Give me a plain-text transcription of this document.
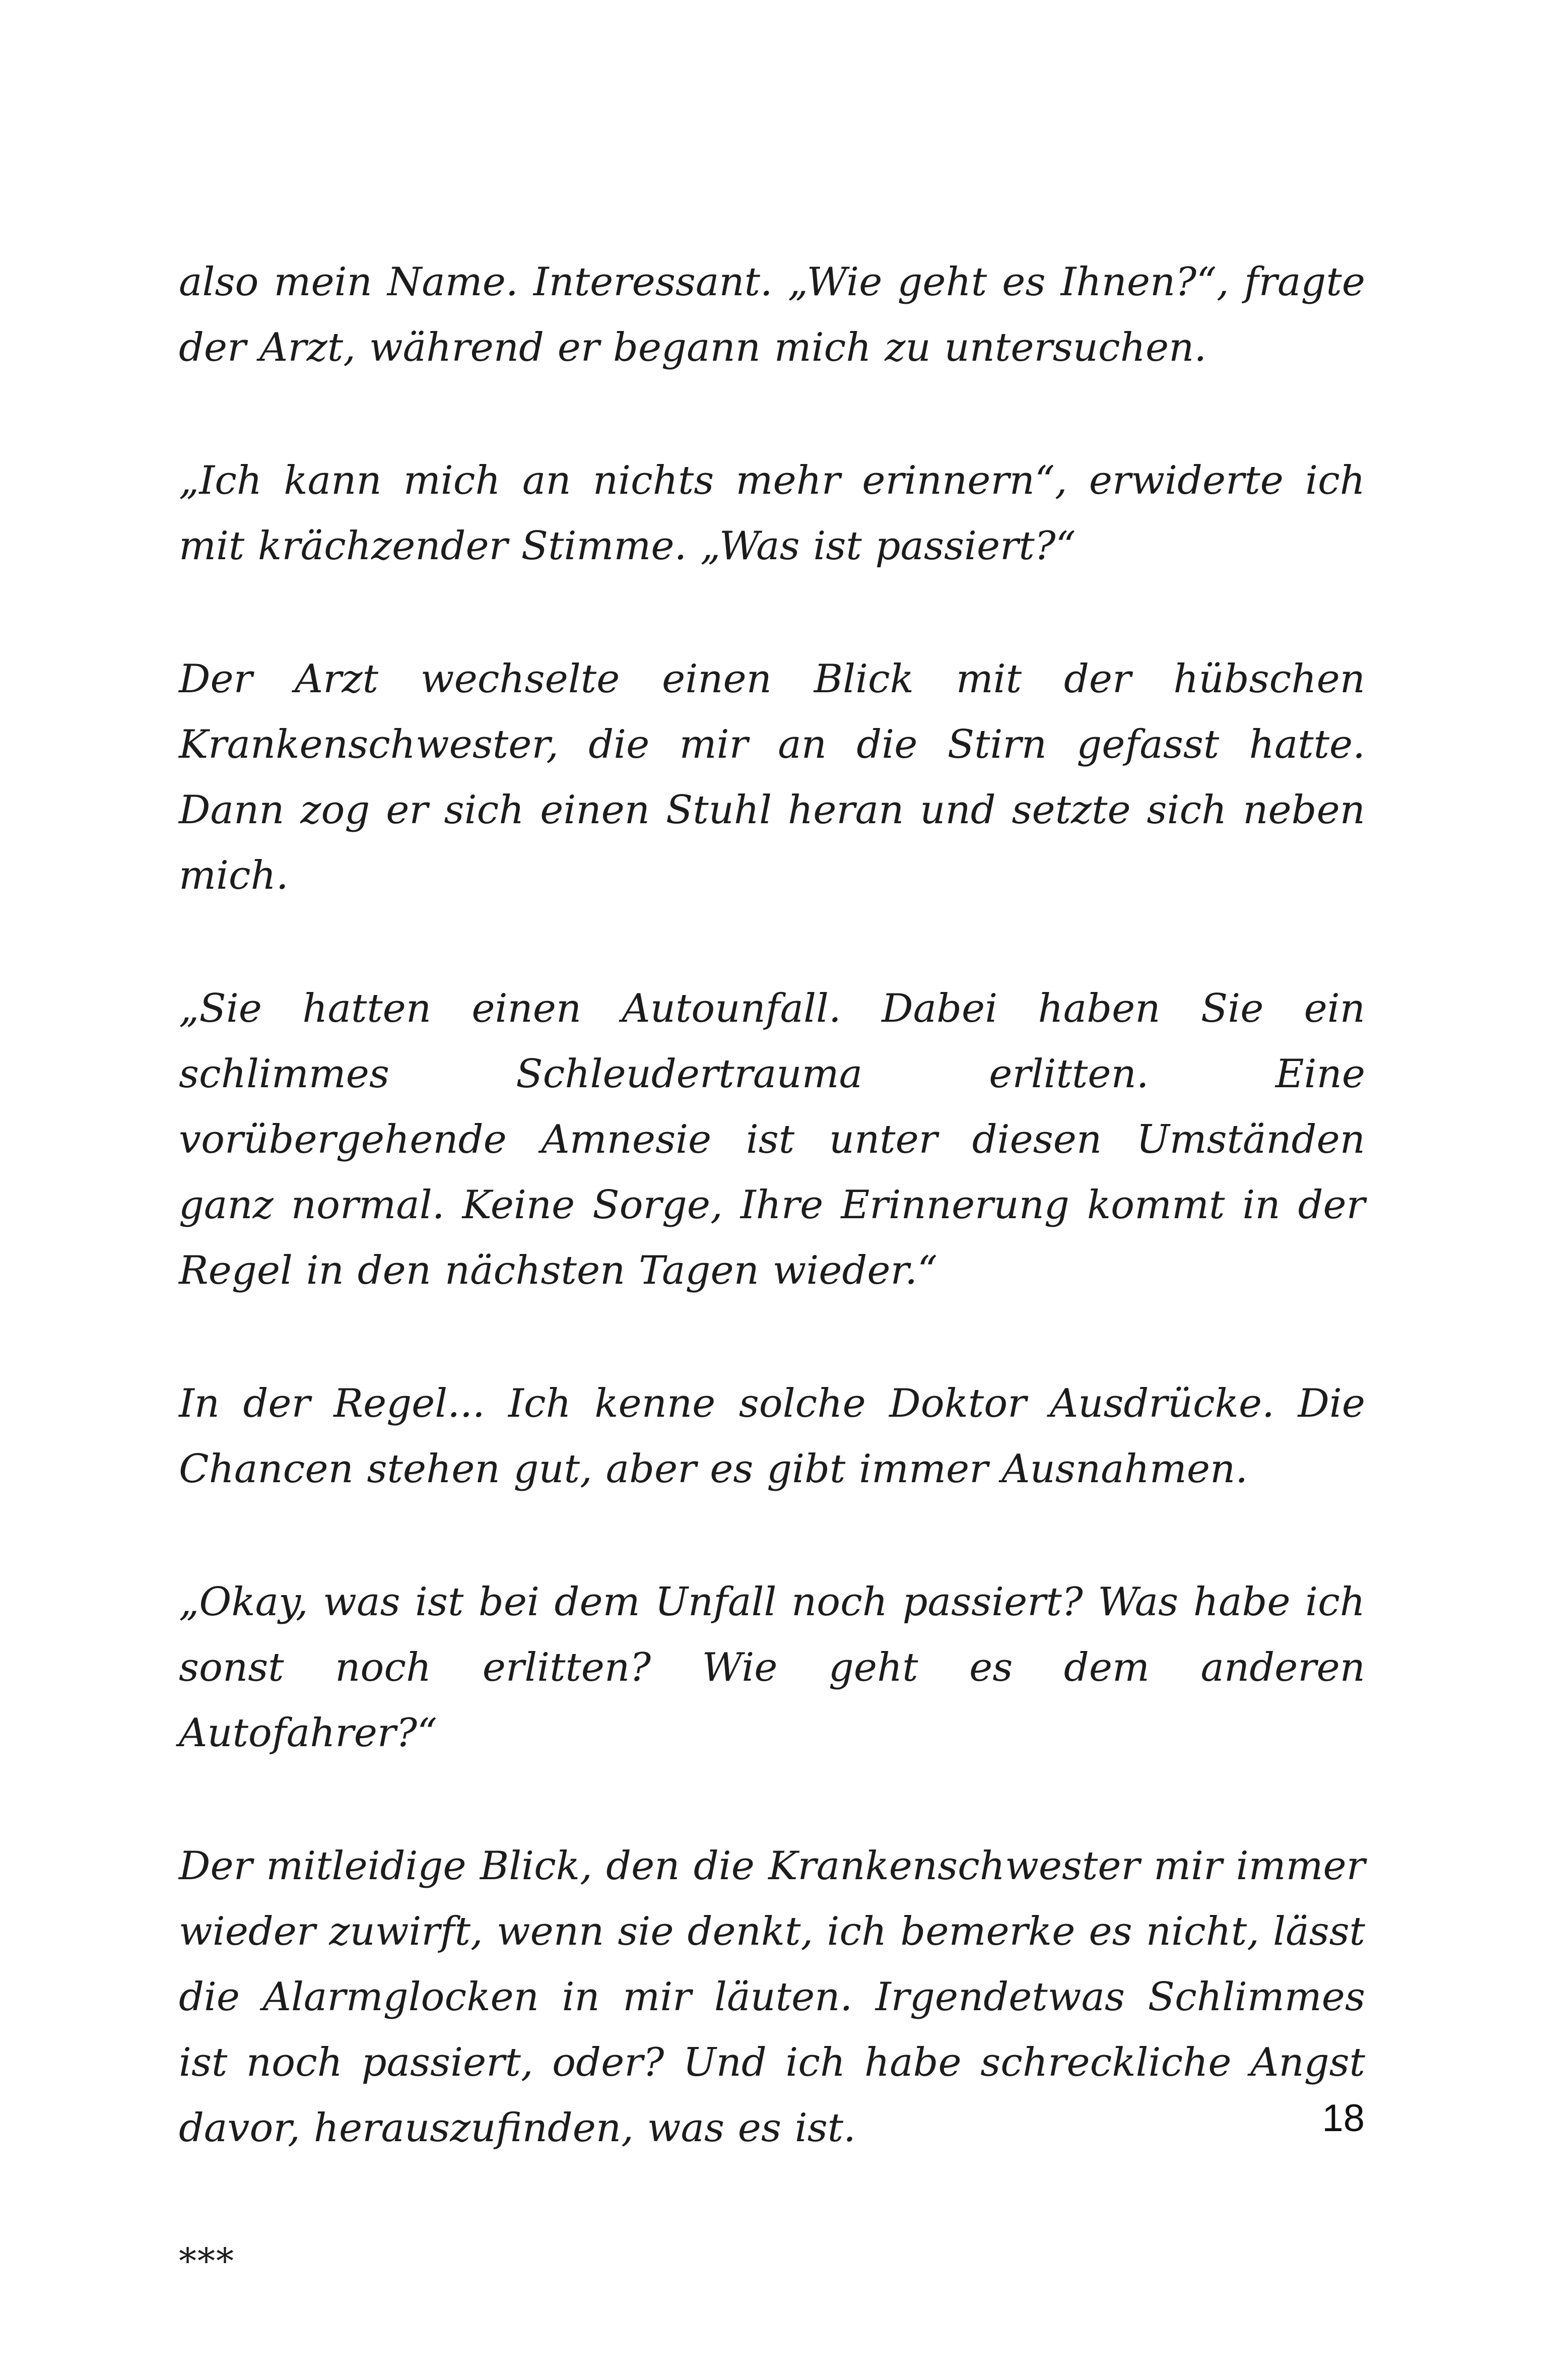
also mein Name. Interessant. „Wie geht es Ihnen?“, fragte der Arzt, während er begann mich zu untersuchen.

„Ich kann mich an nichts mehr erinnern“, erwiderte ich mit krächzender Stimme. „Was ist passiert?“

Der Arzt wechselte einen Blick mit der hübschen Krankenschwester, die mir an die Stirn gefasst hatte. Dann zog er sich einen Stuhl heran und setzte sich neben mich.

„Sie hatten einen Autounfall. Dabei haben Sie ein schlimmes Schleudertrauma erlitten. Eine vorübergehende Amnesie ist unter diesen Umständen ganz normal. Keine Sorge, Ihre Erinnerung kommt in der Regel in den nächsten Tagen wieder.“

In der Regel... Ich kenne solche Doktor Ausdrücke. Die Chancen stehen gut, aber es gibt immer Ausnahmen.

„Okay, was ist bei dem Unfall noch passiert? Was habe ich sonst noch erlitten? Wie geht es dem anderen Autofahrer?“

Der mitleidige Blick, den die Krankenschwester mir immer wieder zuwirft, wenn sie denkt, ich bemerke es nicht, lässt die Alarmglocken in mir läuten. Irgendetwas Schlimmes ist noch passiert, oder? Und ich habe schreckliche Angst davor, herauszufinden, was es ist.

***

18
